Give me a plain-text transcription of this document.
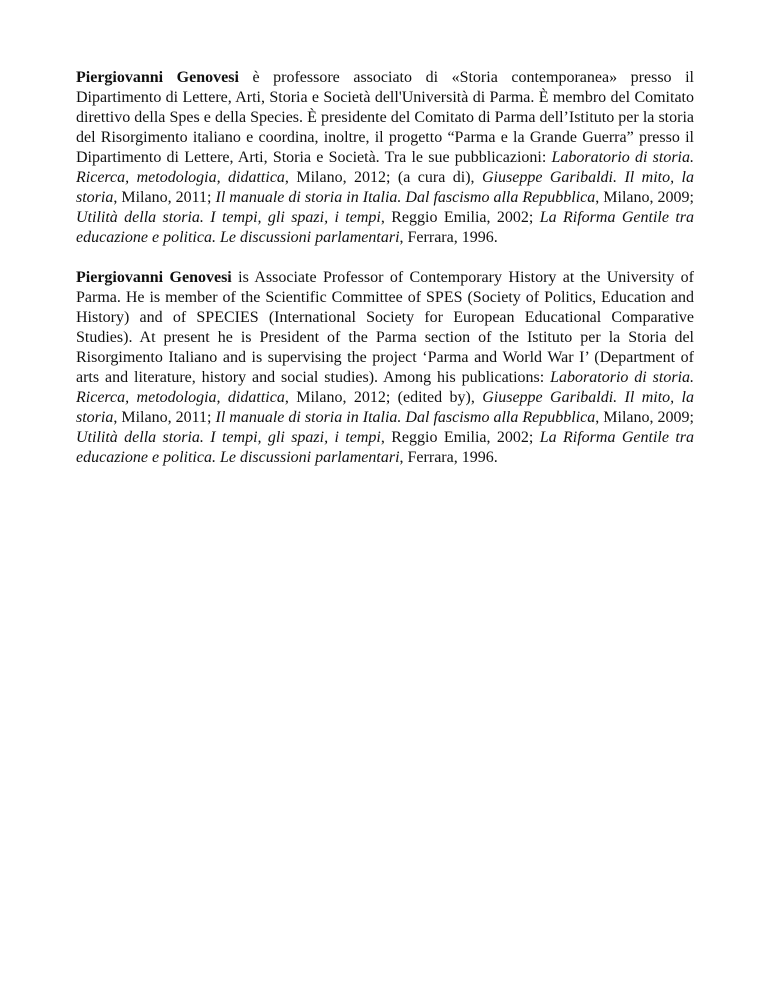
Piergiovanni Genovesi è professore associato di «Storia contemporanea» presso il Dipartimento di Lettere, Arti, Storia e Società dell'Università di Parma. È membro del Comitato direttivo della Spes e della Species. È presidente del Comitato di Parma dell’Istituto per la storia del Risorgimento italiano e coordina, inoltre, il progetto “Parma e la Grande Guerra” presso il Dipartimento di Lettere, Arti, Storia e Società. Tra le sue pubblicazioni: Laboratorio di storia. Ricerca, metodologia, didattica, Milano, 2012; (a cura di), Giuseppe Garibaldi. Il mito, la storia, Milano, 2011; Il manuale di storia in Italia. Dal fascismo alla Repubblica, Milano, 2009; Utilità della storia. I tempi, gli spazi, i tempi, Reggio Emilia, 2002; La Riforma Gentile tra educazione e politica. Le discussioni parlamentari, Ferrara, 1996.

Piergiovanni Genovesi is Associate Professor of Contemporary History at the University of Parma. He is member of the Scientific Committee of SPES (Society of Politics, Education and History) and of SPECIES (International Society for European Educational Comparative Studies). At present he is President of the Parma section of the Istituto per la Storia del Risorgimento Italiano and is supervising the project ‘Parma and World War I’ (Department of arts and literature, history and social studies). Among his publications: Laboratorio di storia. Ricerca, metodologia, didattica, Milano, 2012; (edited by), Giuseppe Garibaldi. Il mito, la storia, Milano, 2011; Il manuale di storia in Italia. Dal fascismo alla Repubblica, Milano, 2009; Utilità della storia. I tempi, gli spazi, i tempi, Reggio Emilia, 2002; La Riforma Gentile tra educazione e politica. Le discussioni parlamentari, Ferrara, 1996.
